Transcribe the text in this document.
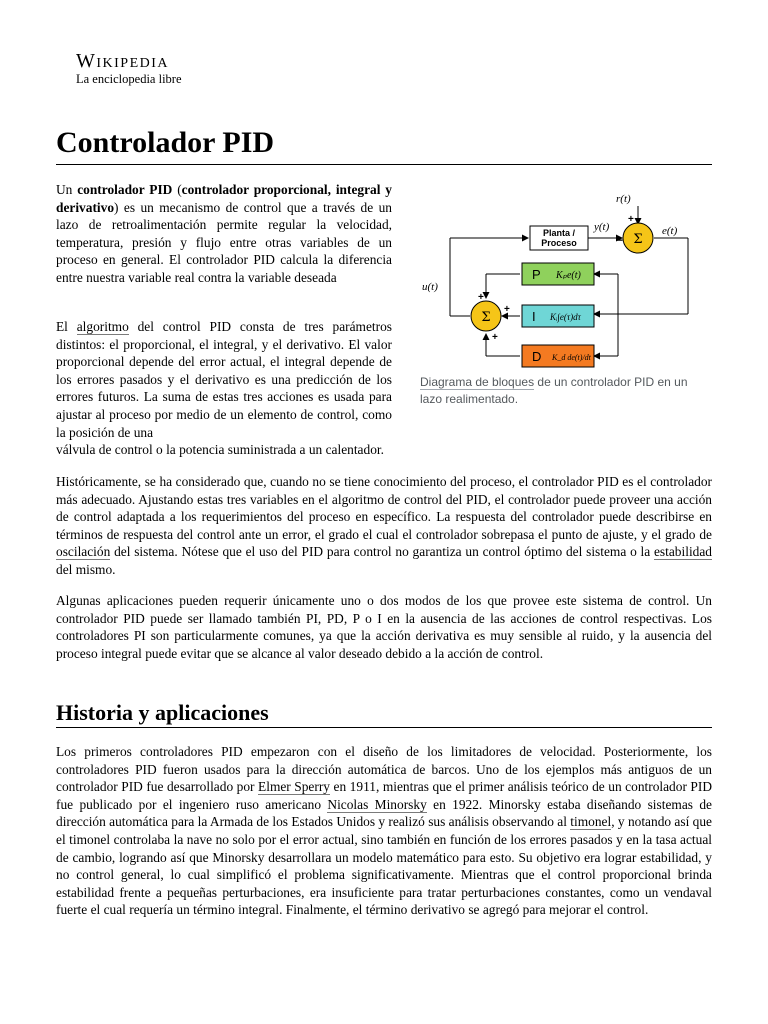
Wikipedia
La enciclopedia libre
Controlador PID

Un controlador PID (controlador proporcional, integral y derivativo) es un mecanismo de control que a través de un lazo de retroalimentación permite regular la velocidad, temperatura, presión y flujo entre otras variables de un proceso en general. El controlador PID calcula la diferencia entre nuestra variable real contra la variable deseada

El algoritmo del control PID consta de tres parámetros distintos: el proporcional, el integral, y el derivativo. El valor proporcional depende del error actual, el integral depende de los errores pasados y el derivativo es una predicción de los errores futuros. La suma de estas tres acciones es usada para ajustar al proceso por medio de un elemento de control, como la posición de una

válvula de control o la potencia suministrada a un calentador.

Planta /
Proceso	Σ
Σ
P Kₚe(t)
I Kᵢ∫e(τ)dτ
D K_d de(t)/dt
r(t)
y(t)	e(t)
u(t)
+
−
+
+
+
Diagrama de bloques de un controlador PID en un lazo realimentado.

Históricamente, se ha considerado que, cuando no se tiene conocimiento del proceso, el controlador PID es el controlador más adecuado. Ajustando estas tres variables en el algoritmo de control del PID, el controlador puede proveer una acción de control adaptada a los requerimientos del proceso en específico. La respuesta del controlador puede describirse en términos de respuesta del control ante un error, el grado el cual el controlador sobrepasa el punto de ajuste, y el grado de oscilación del sistema. Nótese que el uso del PID para control no garantiza un control óptimo del sistema o la estabilidad del mismo.

Algunas aplicaciones pueden requerir únicamente uno o dos modos de los que provee este sistema de control. Un controlador PID puede ser llamado también PI, PD, P o I en la ausencia de las acciones de control respectivas. Los controladores PI son particularmente comunes, ya que la acción derivativa es muy sensible al ruido, y la ausencia del proceso integral puede evitar que se alcance al valor deseado debido a la acción de control.

Historia y aplicaciones

Los primeros controladores PID empezaron con el diseño de los limitadores de velocidad. Posteriormente, los controladores PID fueron usados para la dirección automática de barcos. Uno de los ejemplos más antiguos de un controlador PID fue desarrollado por Elmer Sperry en 1911, mientras que el primer análisis teórico de un controlador PID fue publicado por el ingeniero ruso americano Nicolas Minorsky en 1922. Minorsky estaba diseñando sistemas de dirección automática para la Armada de los Estados Unidos y realizó sus análisis observando al timonel, y notando así que el timonel controlaba la nave no solo por el error actual, sino también en función de los errores pasados y en la tasa actual de cambio, logrando así que Minorsky desarrollara un modelo matemático para esto. Su objetivo era lograr estabilidad, y no control general, lo cual simplificó el problema significativamente. Mientras que el control proporcional brinda estabilidad frente a pequeñas perturbaciones, era insuficiente para tratar perturbaciones constantes, como un vendaval fuerte el cual requería un término integral. Finalmente, el término derivativo se agregó para mejorar el control.
